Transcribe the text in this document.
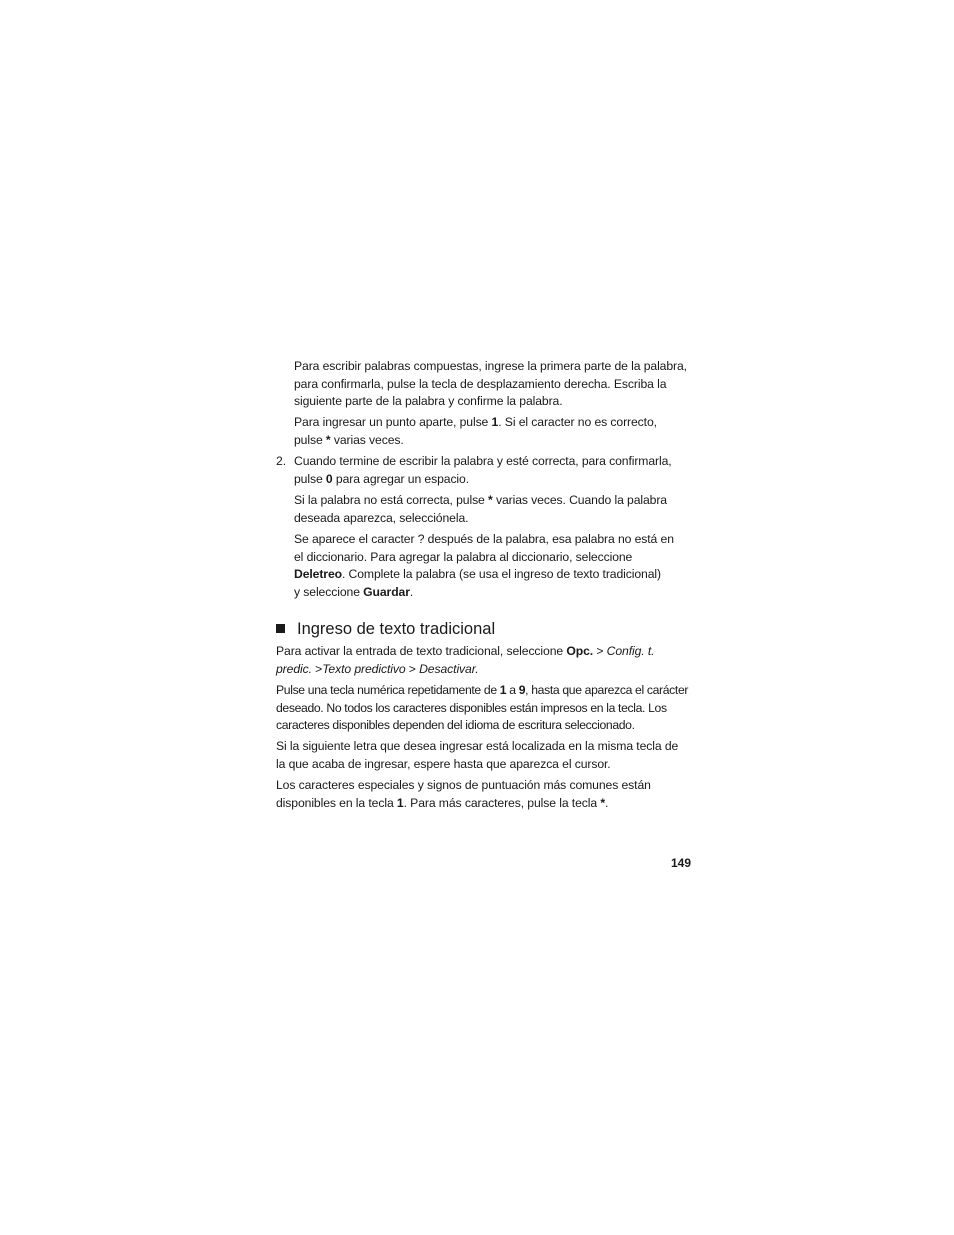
Para escribir palabras compuestas, ingrese la primera parte de la palabra,
para confirmarla, pulse la tecla de desplazamiento derecha. Escriba la
siguiente parte de la palabra y confirme la palabra.
Para ingresar un punto aparte, pulse 1. Si el caracter no es correcto,
pulse * varias veces.
2. Cuando termine de escribir la palabra y esté correcta, para confirmarla,
pulse 0 para agregar un espacio.
Si la palabra no está correcta, pulse * varias veces. Cuando la palabra
deseada aparezca, selecciónela.
Se aparece el caracter ? después de la palabra, esa palabra no está en
el diccionario. Para agregar la palabra al diccionario, seleccione
Deletreo. Complete la palabra (se usa el ingreso de texto tradicional)
y seleccione Guardar.
Ingreso de texto tradicional
Para activar la entrada de texto tradicional, seleccione Opc. > Config. t.
predic. >Texto predictivo > Desactivar.
Pulse una tecla numérica repetidamente de 1 a 9, hasta que aparezca el carácter
deseado. No todos los caracteres disponibles están impresos en la tecla. Los
caracteres disponibles dependen del idioma de escritura seleccionado.
Si la siguiente letra que desea ingresar está localizada en la misma tecla de
la que acaba de ingresar, espere hasta que aparezca el cursor.
Los caracteres especiales y signos de puntuación más comunes están
disponibles en la tecla 1. Para más caracteres, pulse la tecla *.
149
